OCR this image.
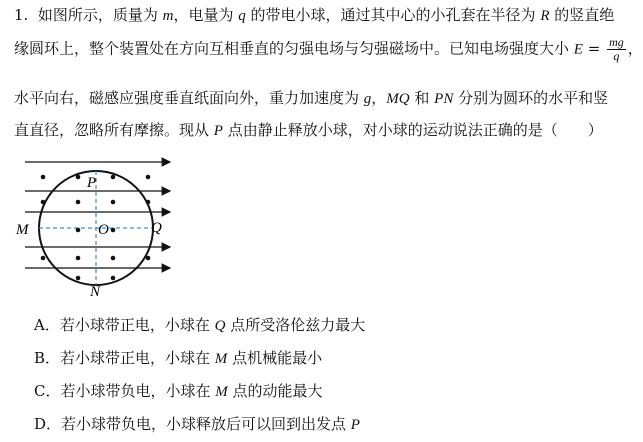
1. 如图所示，质量为 m，电量为 q 的带电小球，通过其中心的小孔套在半径为 R 的竖直绝
缘圆环上，整个装置处在方向互相垂直的匀强电场与匀强磁场中。已知电场强度大小 $E = \frac{mg}{q}$ ，
水平向右，磁感应强度垂直纸面向外，重力加速度为 g，MQ 和 PN 分别为圆环的水平和竖
直直径，忽略所有摩擦。现从 P 点由静止释放小球，对小球的运动说法正确的是（　　）
P
M	O	Q
N
A．若小球带正电，小球在 Q 点所受洛伦兹力最大
B．若小球带正电，小球在 M 点机械能最小
C．若小球带负电，小球在 M 点的动能最大
D．若小球带负电，小球释放后可以回到出发点 P
